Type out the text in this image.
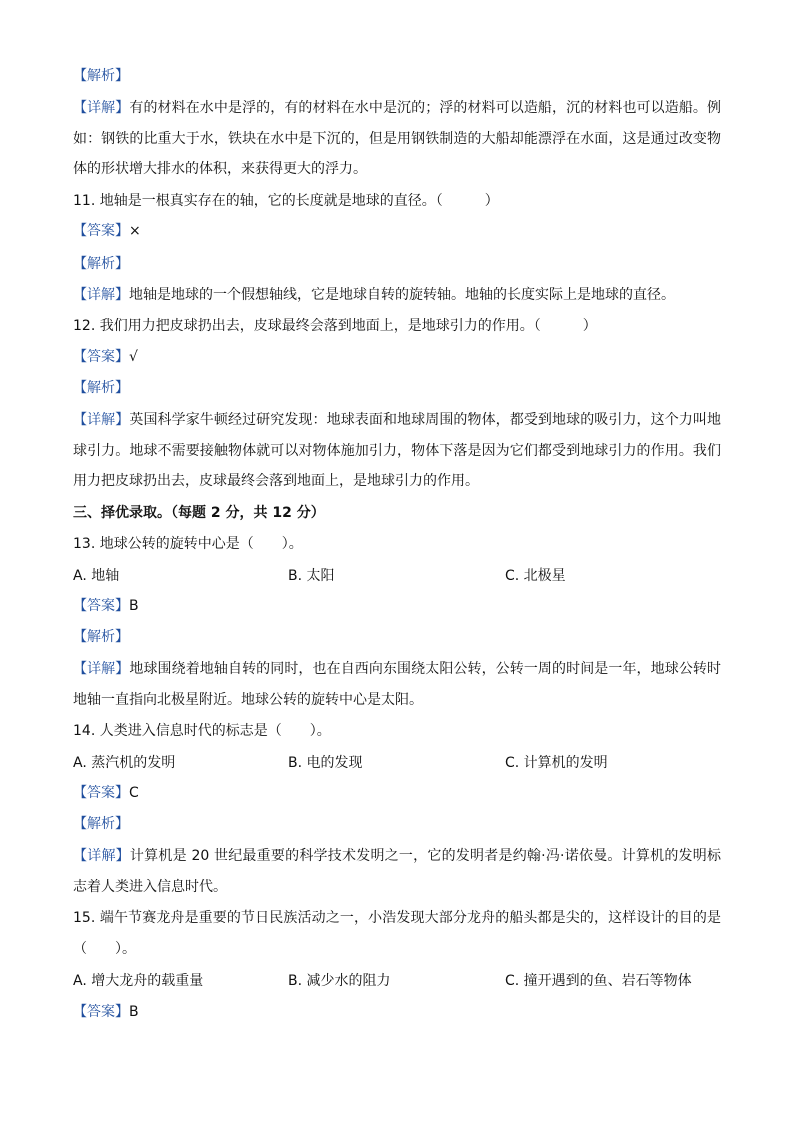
【解析】
【详解】有的材料在水中是浮的，有的材料在水中是沉的；浮的材料可以造船，沉的材料也可以造船。例如：钢铁的比重大于水，铁块在水中是下沉的，但是用钢铁制造的大船却能漂浮在水面，这是通过改变物体的形状增大排水的体积，来获得更大的浮力。
11. 地轴是一根真实存在的轴，它的长度就是地球的直径。（　　　）
【答案】×
【解析】
【详解】地轴是地球的一个假想轴线，它是地球自转的旋转轴。地轴的长度实际上是地球的直径。
12. 我们用力把皮球扔出去，皮球最终会落到地面上，是地球引力的作用。（　　　）
【答案】√
【解析】
【详解】英国科学家牛顿经过研究发现：地球表面和地球周围的物体，都受到地球的吸引力，这个力叫地球引力。地球不需要接触物体就可以对物体施加引力，物体下落是因为它们都受到地球引力的作用。我们用力把皮球扔出去，皮球最终会落到地面上，是地球引力的作用。
三、择优录取。（每题 2 分，共 12 分）
13. 地球公转的旋转中心是（　　）。
A. 地轴	B. 太阳	C. 北极星
【答案】B
【解析】
【详解】地球围绕着地轴自转的同时，也在自西向东围绕太阳公转，公转一周的时间是一年，地球公转时地轴一直指向北极星附近。地球公转的旋转中心是太阳。
14. 人类进入信息时代的标志是（　　）。
A. 蒸汽机的发明	B. 电的发现	C. 计算机的发明
【答案】C
【解析】
【详解】计算机是 20 世纪最重要的科学技术发明之一，它的发明者是约翰·冯·诺依曼。计算机的发明标志着人类进入信息时代。
15. 端午节赛龙舟是重要的节日民族活动之一，小浩发现大部分龙舟的船头都是尖的，这样设计的目的是（　　）。
A. 增大龙舟的载重量	B. 减少水的阻力	C. 撞开遇到的鱼、岩石等物体
【答案】B
